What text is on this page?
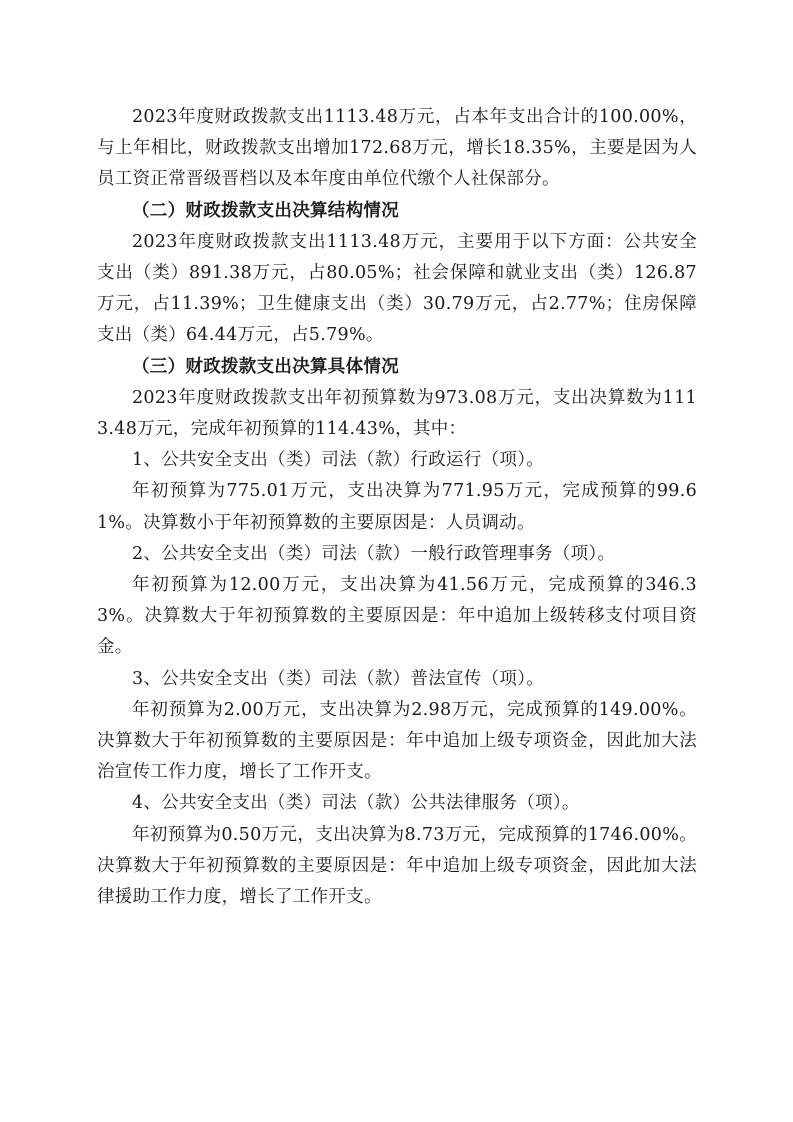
2023年度财政拨款支出1113.48万元，占本年支出合计的100.00%，与上年相比，财政拨款支出增加172.68万元，增长18.35%，主要是因为人员工资正常晋级晋档以及本年度由单位代缴个人社保部分。

（二）财政拨款支出决算结构情况

2023年度财政拨款支出1113.48万元，主要用于以下方面：公共安全支出（类）891.38万元，占80.05%；社会保障和就业支出（类）126.87万元，占11.39%；卫生健康支出（类）30.79万元，占2.77%；住房保障支出（类）64.44万元，占5.79%。

（三）财政拨款支出决算具体情况

2023年度财政拨款支出年初预算数为973.08万元，支出决算数为1113.48万元，完成年初预算的114.43%，其中：

1、公共安全支出（类）司法（款）行政运行（项）。

年初预算为775.01万元，支出决算为771.95万元，完成预算的99.61%。决算数小于年初预算数的主要原因是：人员调动。

2、公共安全支出（类）司法（款）一般行政管理事务（项）。

年初预算为12.00万元，支出决算为41.56万元，完成预算的346.33%。决算数大于年初预算数的主要原因是：年中追加上级转移支付项目资金。

3、公共安全支出（类）司法（款）普法宣传（项）。

年初预算为2.00万元，支出决算为2.98万元，完成预算的149.00%。决算数大于年初预算数的主要原因是：年中追加上级专项资金，因此加大法治宣传工作力度，增长了工作开支。

4、公共安全支出（类）司法（款）公共法律服务（项）。

年初预算为0.50万元，支出决算为8.73万元，完成预算的1746.00%。决算数大于年初预算数的主要原因是：年中追加上级专项资金，因此加大法律援助工作力度，增长了工作开支。
